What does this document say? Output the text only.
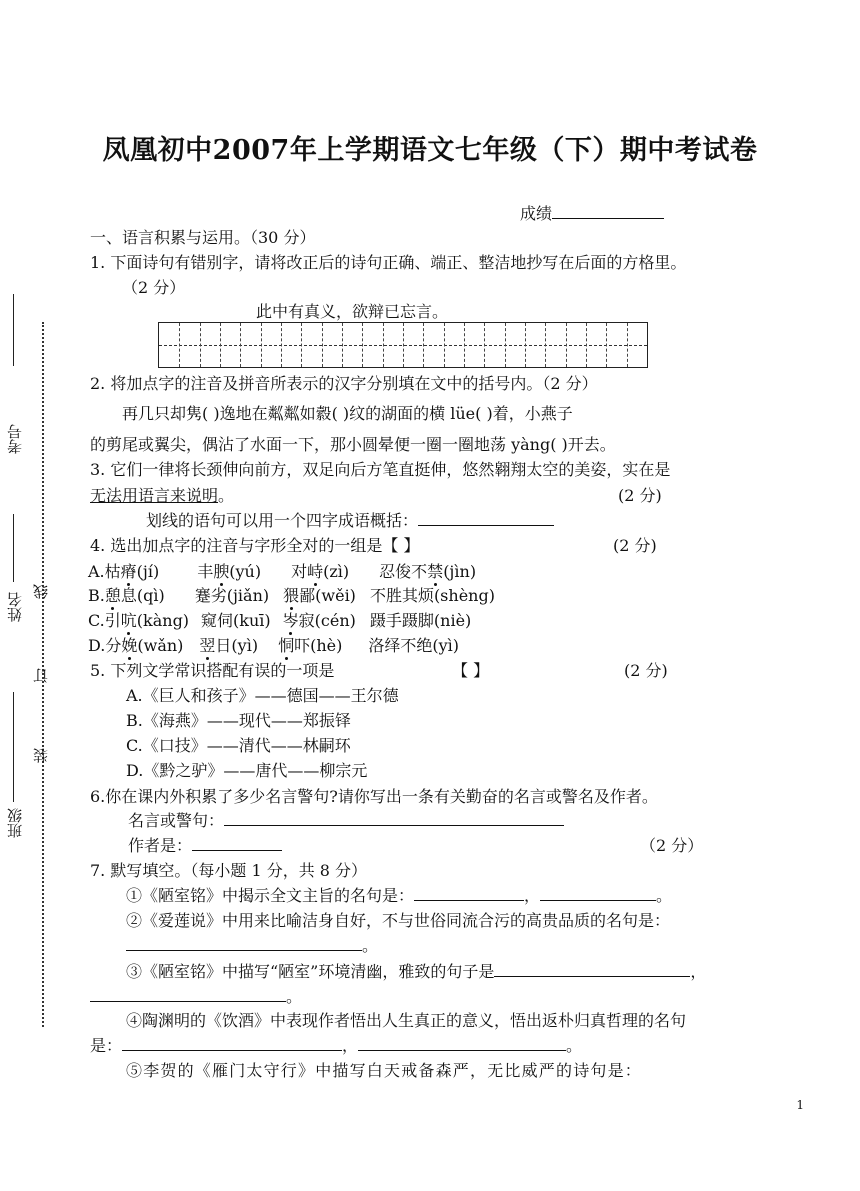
凤凰初中2007年上学期语文七年级（下）期中考试卷
成绩
一、语言积累与运用。（30 分）
1. 下面诗句有错别字，请将改正后的诗句正确、端正、整洁地抄写在后面的方格里。
（2 分）
此中有真义，欲辩已忘言。
2. 将加点字的注音及拼音所表示的汉字分别填在文中的括号内。（2 分）
再几只却隽( )逸地在粼粼如縠( )纹的湖面的横 lüe( )着，小燕子
的剪尾或翼尖，偶沾了水面一下，那小圆晕便一圈一圈地荡 yàng( )开去。
3. 它们一律将长颈伸向前方，双足向后方笔直挺伸，悠然翱翔太空的美姿，实在是
无法用语言来说明。	(2 分)
划线的语句可以用一个四字成语概括：
4. 选出加点字的注音与字形全对的一组是【 】	(2 分)
A.枯瘠(jí) 丰腴(yú) 对峙(zì) 忍俊不禁(jìn)
B.憩息(qì) 蹇劣(jiǎn) 猥鄙(wěi) 不胜其烦(shèng)
C.引吭(kàng) 窥伺(kuī) 岑寂(cén) 蹑手蹑脚(niè)
D.分娩(wǎn) 翌日(yì) 恫吓(hè) 洛绎不绝(yì)
5. 下列文学常识搭配有误的一项是	【 】	(2 分)
A.《巨人和孩子》——德国——王尔德
B.《海燕》——现代——郑振铎
C.《口技》——清代——林嗣环
D.《黔之驴》——唐代——柳宗元
6.你在课内外积累了多少名言警句?请你写出一条有关勤奋的名言或警名及作者。
名言或警句：
作者是：	（2 分）
7. 默写填空。（每小题 1 分，共 8 分）
①《陋室铭》中揭示全文主旨的名句是：	，	。
②《爱莲说》中用来比喻洁身自好，不与世俗同流合污的高贵品质的名句是：
。
③《陋室铭》中描写“陋室”环境清幽，雅致的句子是	，
。
④陶渊明的《饮酒》中表现作者悟出人生真正的意义，悟出返朴归真哲理的名句
是：	，	。
⑤李贺的《雁门太守行》中描写白天戒备森严，无比威严的诗句是：
考号
姓名
班级
线
订
装
1
